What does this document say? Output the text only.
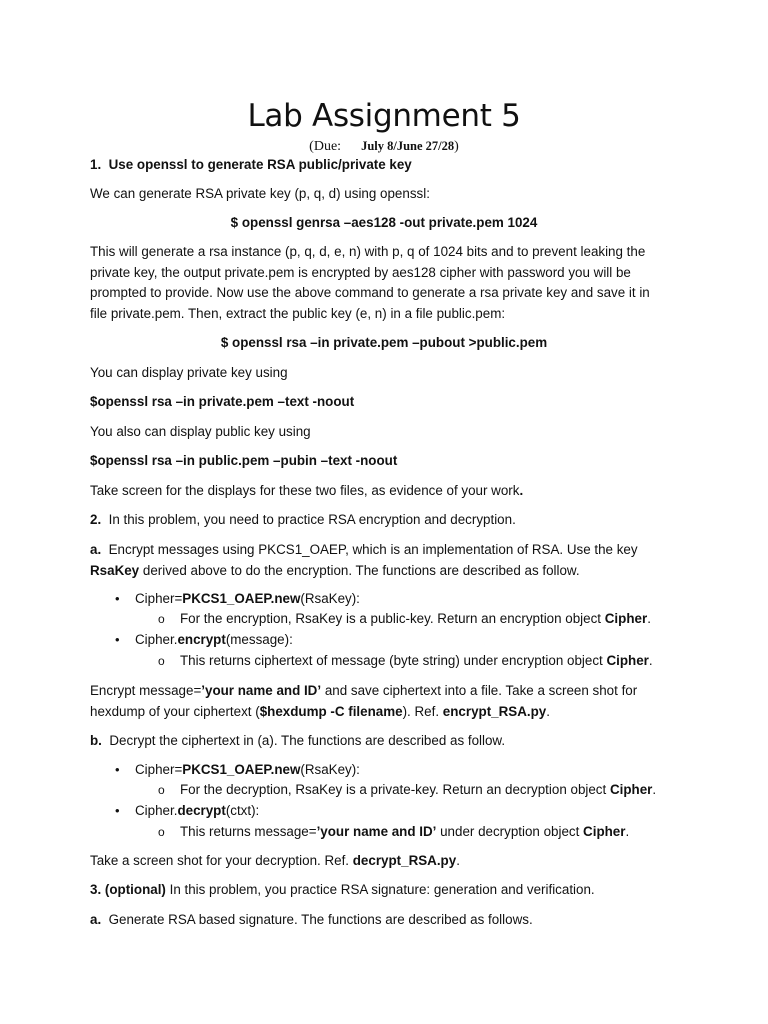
Lab Assignment 5
(Due: July 8/June 27/28)
1. Use openssl to generate RSA public/private key
We can generate RSA private key (p, q, d) using openssl:
$ openssl genrsa –aes128 -out private.pem 1024
This will generate a rsa instance (p, q, d, e, n) with p, q of 1024 bits and to prevent leaking the
private key, the output private.pem is encrypted by aes128 cipher with password you will be
prompted to provide. Now use the above command to generate a rsa private key and save it in
file private.pem. Then, extract the public key (e, n) in a file public.pem:
$ openssl rsa –in private.pem –pubout >public.pem
You can display private key using
$openssl rsa –in private.pem –text -noout
You also can display public key using
$openssl rsa –in public.pem –pubin –text -noout
Take screen for the displays for these two files, as evidence of your work.
2. In this problem, you need to practice RSA encryption and decryption.
a. Encrypt messages using PKCS1_OAEP, which is an implementation of RSA. Use the key
RsaKey derived above to do the encryption. The functions are described as follow.
• Cipher=PKCS1_OAEP.new(RsaKey):
o For the encryption, RsaKey is a public-key. Return an encryption object Cipher.
• Cipher.encrypt(message):
o This returns ciphertext of message (byte string) under encryption object Cipher.
Encrypt message=’your name and ID’ and save ciphertext into a file. Take a screen shot for
hexdump of your ciphertext ($hexdump -C filename). Ref. encrypt_RSA.py.
b. Decrypt the ciphertext in (a). The functions are described as follow.
• Cipher=PKCS1_OAEP.new(RsaKey):
o For the decryption, RsaKey is a private-key. Return an decryption object Cipher.
• Cipher.decrypt(ctxt):
o This returns message=’your name and ID’ under decryption object Cipher.
Take a screen shot for your decryption. Ref. decrypt_RSA.py.
3. (optional) In this problem, you practice RSA signature: generation and verification.
a. Generate RSA based signature. The functions are described as follows.
